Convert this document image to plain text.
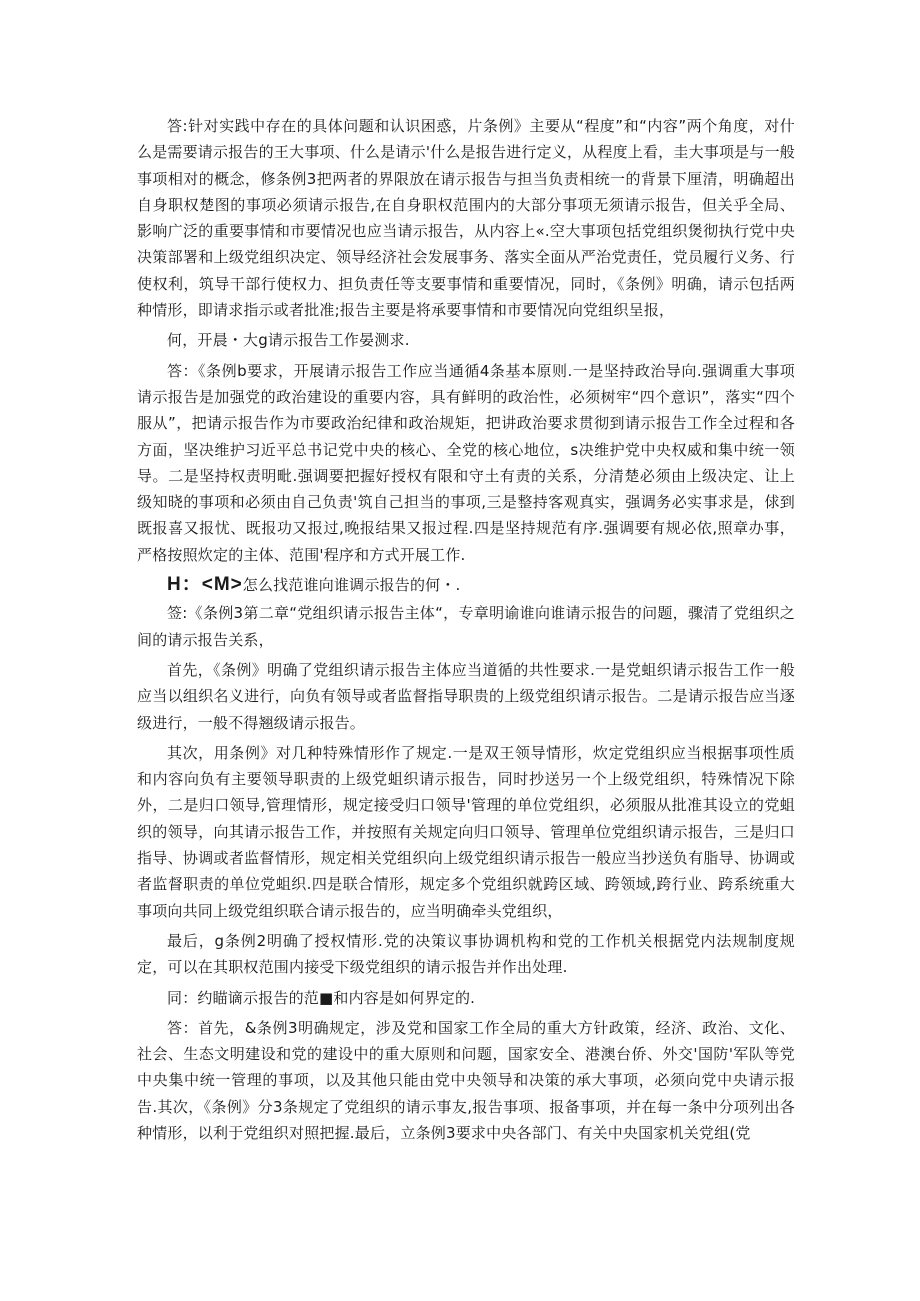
答:针对实践中存在的具体问题和认识困惑，片条例》主要从“程度”和“内容”两个角度，对什么是需要请示报告的王大事项、什么是请示'什么是报告进行定义，从程度上看，圭大事项是与一般事项相对的概念，修条例3把两者的界限放在请示报告与担当负责相统一的背景下厘清，明确超出自身职权楚图的事项必须请示报告,在自身职权范围内的大部分事项无须请示报告，但关乎全局、影响广泛的重要事情和市要情况也应当请示报告，从内容上«.空大事项包括党组织煲彻执行党中央决策部署和上级党组织决定、领导经济社会发展事务、落实全面从严治党责任，党员履行义务、行使权利，筑导干部行使权力、担负责任等支要事情和重要情况，同时，《条例》明确，请示包括两种情形，即请求指示或者批准;报告主要是将承要事情和市要情况向党组织呈报，

何，开晨・大g请示报告工作晏测求.

答：《条例b要求，开展请示报告工作应当通循4条基本原则.一是坚持政治导向.强调重大事项请示报告是加强党的政治建设的重要内容，具有鲜明的政治性，必须树牢“四个意识”，落实“四个服从”，把请示报告作为市要政治纪律和政治规矩，把讲政治要求贯彻到请示报告工作全过程和各方面，坚决维护习近平总书记党中央的核心、全党的核心地位，s决维护党中央权威和集中统一领导。二是坚持权责明毗.强调要把握好授权有限和守土有责的关系，分清楚必须由上级决定、让上级知晓的事项和必须由自己负责'筑自己担当的事项,三是整持客观真实，强调务必实事求是，俅到既报喜又报忧、既报功又报过,晚报结果又报过程.四是坚持规范有序.强调要有规必依,照章办事，严格按照炊定的主体、范围'程序和方式开展工作.

H：<M>怎么找范谁向谁调示报告的何・.

签:《条例3第二章“党组织请示报告主体“，专章明谕谁向谁请示报告的问题，骤清了党组织之间的请示报告关系，

首先，《条例》明确了党组织请示报告主体应当道循的共性要求.一是党蛆织请示报告工作一般应当以组织名义进行，向负有领导或者监督指导职贵的上级党组织请示报告。二是请示报告应当逐级进行，一般不得翘级请示报告。

其次，用条例》对几种特殊情形作了规定.一是双王领导情形，炊定党组织应当根据事项性质和内容向负有主要领导职责的上级党蛆织请示报告，同时抄送另一个上级党组织，特殊情况下除外，二是归口领导,管理情形，规定接受归口领导'管理的单位党组织，必须服从批准其设立的党蛆织的领导，向其请示报告工作，并按照有关规定向归口领导、管理单位党组织请示报告，三是归口指导、协调或者监督情形，规定相关党组织向上级党组织请示报告一般应当抄送负有脂导、协调或者监督职责的单位党蛆织.四是联合情形，规定多个党组织就跨区域、跨领域,跨行业、跨系统重大事项向共同上级党组织联合请示报告的，应当明确牵头党组织，

最后，g条例2明确了授权情形.党的决策议事协调机构和党的工作机关根据党内法规制度规定，可以在其职权范围内接受下级党组织的请示报告并作出处理.

同：约瞄谪示报告的范■和内容是如何界定的.

答：首先，&条例3明确规定，涉及党和国家工作全局的重大方针政策，经济、政治、文化、社会、生态文明建设和党的建设中的重大原则和问题，国家安全、港澳台侨、外交'国防'军队等党中央集中统一管理的事项，以及其他只能由党中央领导和决策的承大事项，必须向党中央请示报告.其次，《条例》分3条规定了党组织的请示事友,报告事项、报备事项，并在每一条中分项列出各种情形，以利于党组织对照把握.最后，立条例3要求中央各部门、有关中央国家机关党组(党
